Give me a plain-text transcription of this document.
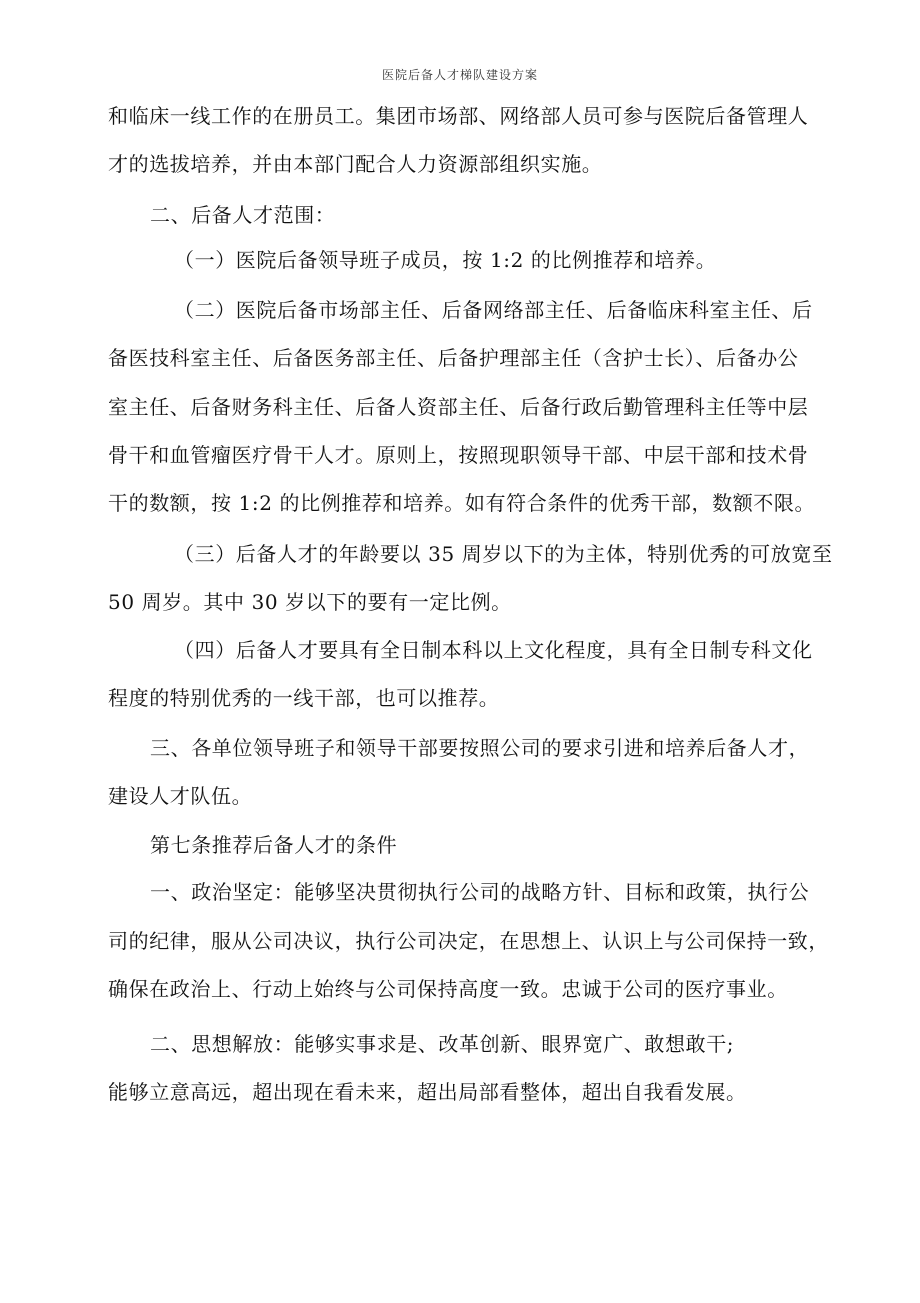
医院后备人才梯队建设方案
和临床一线工作的在册员工。集团市场部、网络部人员可参与医院后备管理人
才的选拔培养，并由本部门配合人力资源部组织实施。
二、后备人才范围：
（一）医院后备领导班子成员，按 1:2 的比例推荐和培养。
（二）医院后备市场部主任、后备网络部主任、后备临床科室主任、后
备医技科室主任、后备医务部主任、后备护理部主任（含护士长）、后备办公
室主任、后备财务科主任、后备人资部主任、后备行政后勤管理科主任等中层
骨干和血管瘤医疗骨干人才。原则上，按照现职领导干部、中层干部和技术骨
干的数额，按 1:2 的比例推荐和培养。如有符合条件的优秀干部，数额不限。
（三）后备人才的年龄要以 35 周岁以下的为主体，特别优秀的可放宽至
50 周岁。其中 30 岁以下的要有一定比例。
（四）后备人才要具有全日制本科以上文化程度，具有全日制专科文化
程度的特别优秀的一线干部，也可以推荐。
三、各单位领导班子和领导干部要按照公司的要求引进和培养后备人才，
建设人才队伍。
第七条推荐后备人才的条件
一、政治坚定：能够坚决贯彻执行公司的战略方针、目标和政策，执行公
司的纪律，服从公司决议，执行公司决定，在思想上、认识上与公司保持一致，
确保在政治上、行动上始终与公司保持高度一致。忠诚于公司的医疗事业。
二、思想解放：能够实事求是、改革创新、眼界宽广、敢想敢干;
能够立意高远，超出现在看未来，超出局部看整体，超出自我看发展。
